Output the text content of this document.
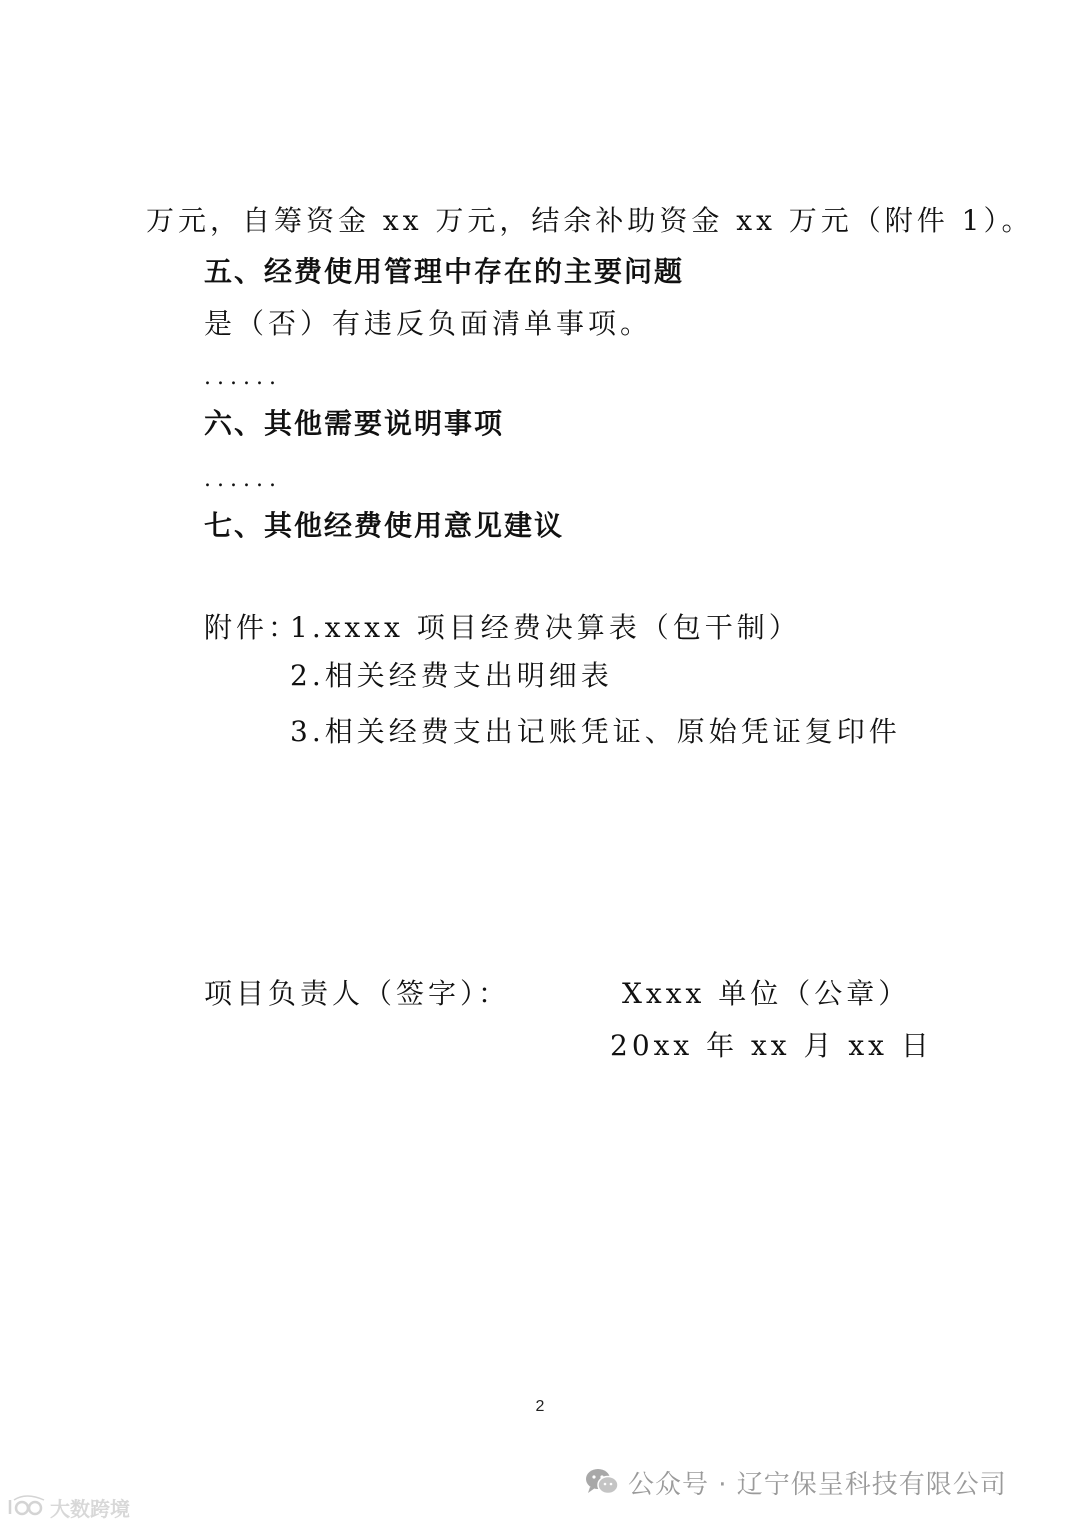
万元，自筹资金 xx 万元，结余补助资金 xx 万元（附件 1）。
五、经费使用管理中存在的主要问题
是（否）有违反负面清单事项。
......
六、其他需要说明事项
......
七、其他经费使用意见建议
附件：
1.xxxx 项目经费决算表（包干制）
2.相关经费支出明细表
3.相关经费支出记账凭证、原始凭证复印件
项目负责人（签字）：	Xxxx 单位（公章）
20xx 年 xx 月 xx 日
2
公众号 · 辽宁保呈科技有限公司
大数跨境
